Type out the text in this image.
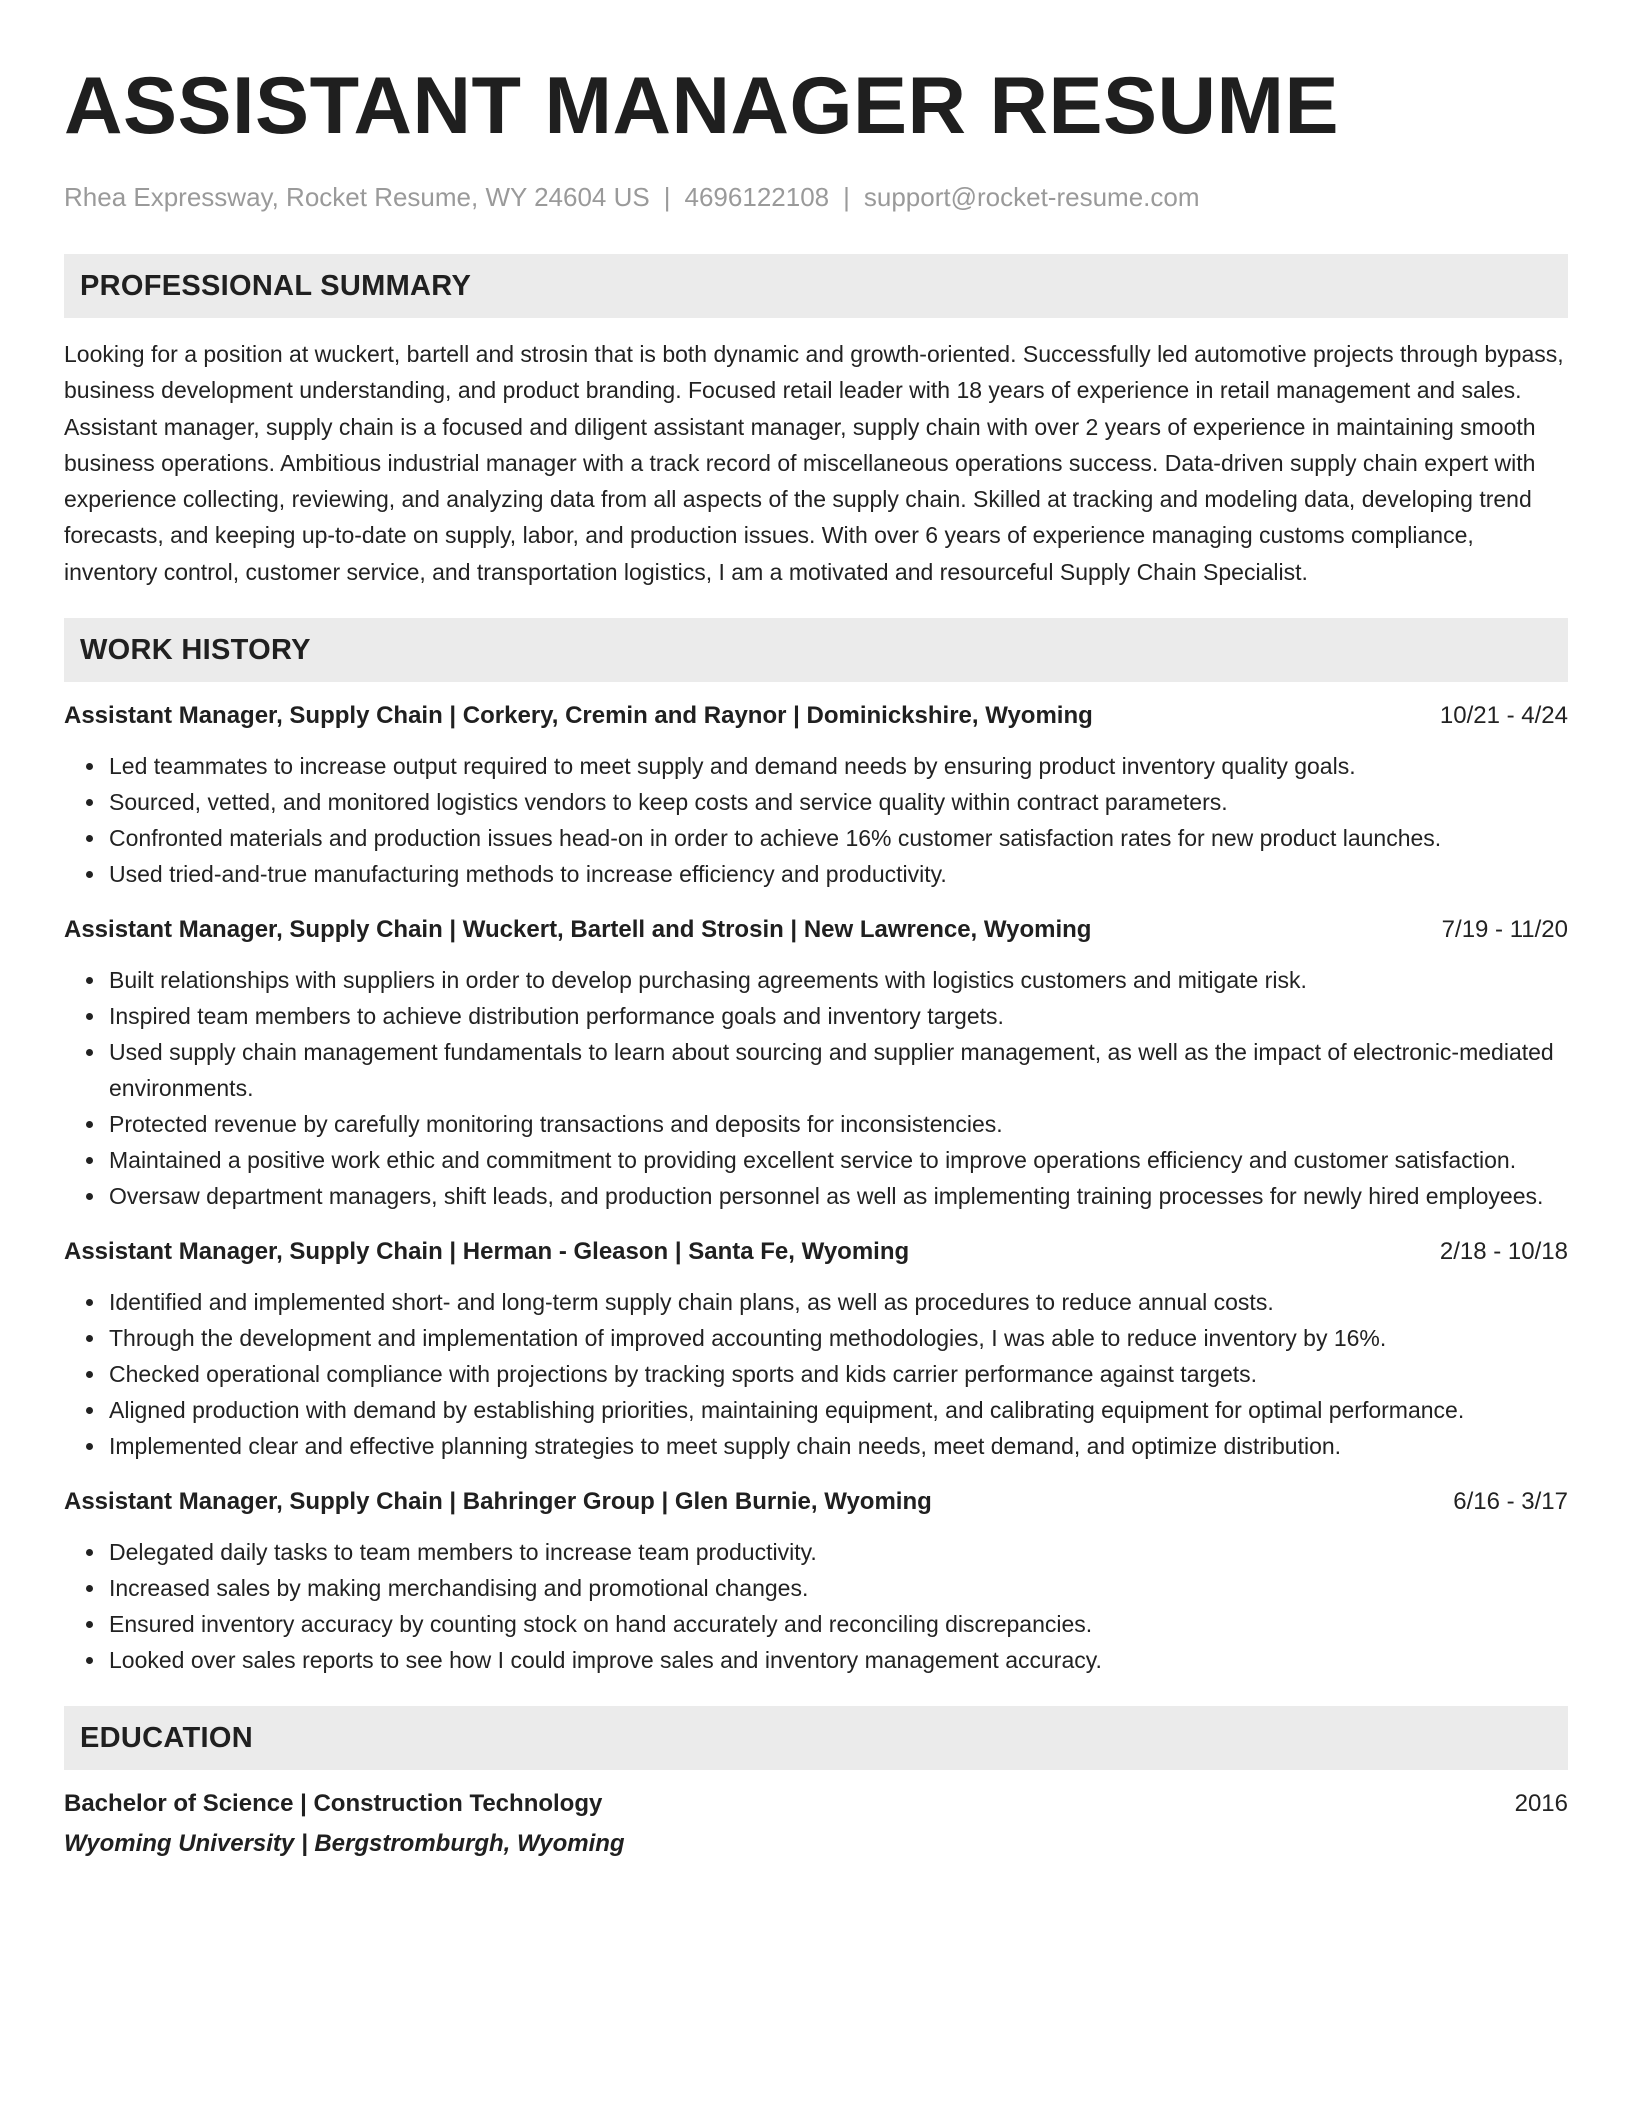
ASSISTANT MANAGER RESUME
Rhea Expressway, Rocket Resume, WY 24604 US | 4696122108 | support@rocket-resume.com
PROFESSIONAL SUMMARY

Looking for a position at wuckert, bartell and strosin that is both dynamic and growth-oriented. Successfully led automotive projects through bypass, business development understanding, and product branding. Focused retail leader with 18 years of experience in retail management and sales. Assistant manager, supply chain is a focused and diligent assistant manager, supply chain with over 2 years of experience in maintaining smooth business operations. Ambitious industrial manager with a track record of miscellaneous operations success. Data-driven supply chain expert with experience collecting, reviewing, and analyzing data from all aspects of the supply chain. Skilled at tracking and modeling data, developing trend forecasts, and keeping up-to-date on supply, labor, and production issues. With over 6 years of experience managing customs compliance, inventory control, customer service, and transportation logistics, I am a motivated and resourceful Supply Chain Specialist.

WORK HISTORY
Assistant Manager, Supply Chain | Corkery, Cremin and Raynor | Dominickshire, Wyoming	10/21 - 4/24
• Led teammates to increase output required to meet supply and demand needs by ensuring product inventory quality goals.
• Sourced, vetted, and monitored logistics vendors to keep costs and service quality within contract parameters.
• Confronted materials and production issues head-on in order to achieve 16% customer satisfaction rates for new product launches.
• Used tried-and-true manufacturing methods to increase efficiency and productivity.
Assistant Manager, Supply Chain | Wuckert, Bartell and Strosin | New Lawrence, Wyoming	7/19 - 11/20
• Built relationships with suppliers in order to develop purchasing agreements with logistics customers and mitigate risk.
• Inspired team members to achieve distribution performance goals and inventory targets.
• Used supply chain management fundamentals to learn about sourcing and supplier management, as well as the impact of electronic-mediated environments.
• Protected revenue by carefully monitoring transactions and deposits for inconsistencies.
• Maintained a positive work ethic and commitment to providing excellent service to improve operations efficiency and customer satisfaction.
• Oversaw department managers, shift leads, and production personnel as well as implementing training processes for newly hired employees.
Assistant Manager, Supply Chain | Herman - Gleason | Santa Fe, Wyoming	2/18 - 10/18
• Identified and implemented short- and long-term supply chain plans, as well as procedures to reduce annual costs.
• Through the development and implementation of improved accounting methodologies, I was able to reduce inventory by 16%.
• Checked operational compliance with projections by tracking sports and kids carrier performance against targets.
• Aligned production with demand by establishing priorities, maintaining equipment, and calibrating equipment for optimal performance.
• Implemented clear and effective planning strategies to meet supply chain needs, meet demand, and optimize distribution.
Assistant Manager, Supply Chain | Bahringer Group | Glen Burnie, Wyoming	6/16 - 3/17
• Delegated daily tasks to team members to increase team productivity.
• Increased sales by making merchandising and promotional changes.
• Ensured inventory accuracy by counting stock on hand accurately and reconciling discrepancies.
• Looked over sales reports to see how I could improve sales and inventory management accuracy.
EDUCATION
Bachelor of Science | Construction Technology	2016
Wyoming University | Bergstromburgh, Wyoming
